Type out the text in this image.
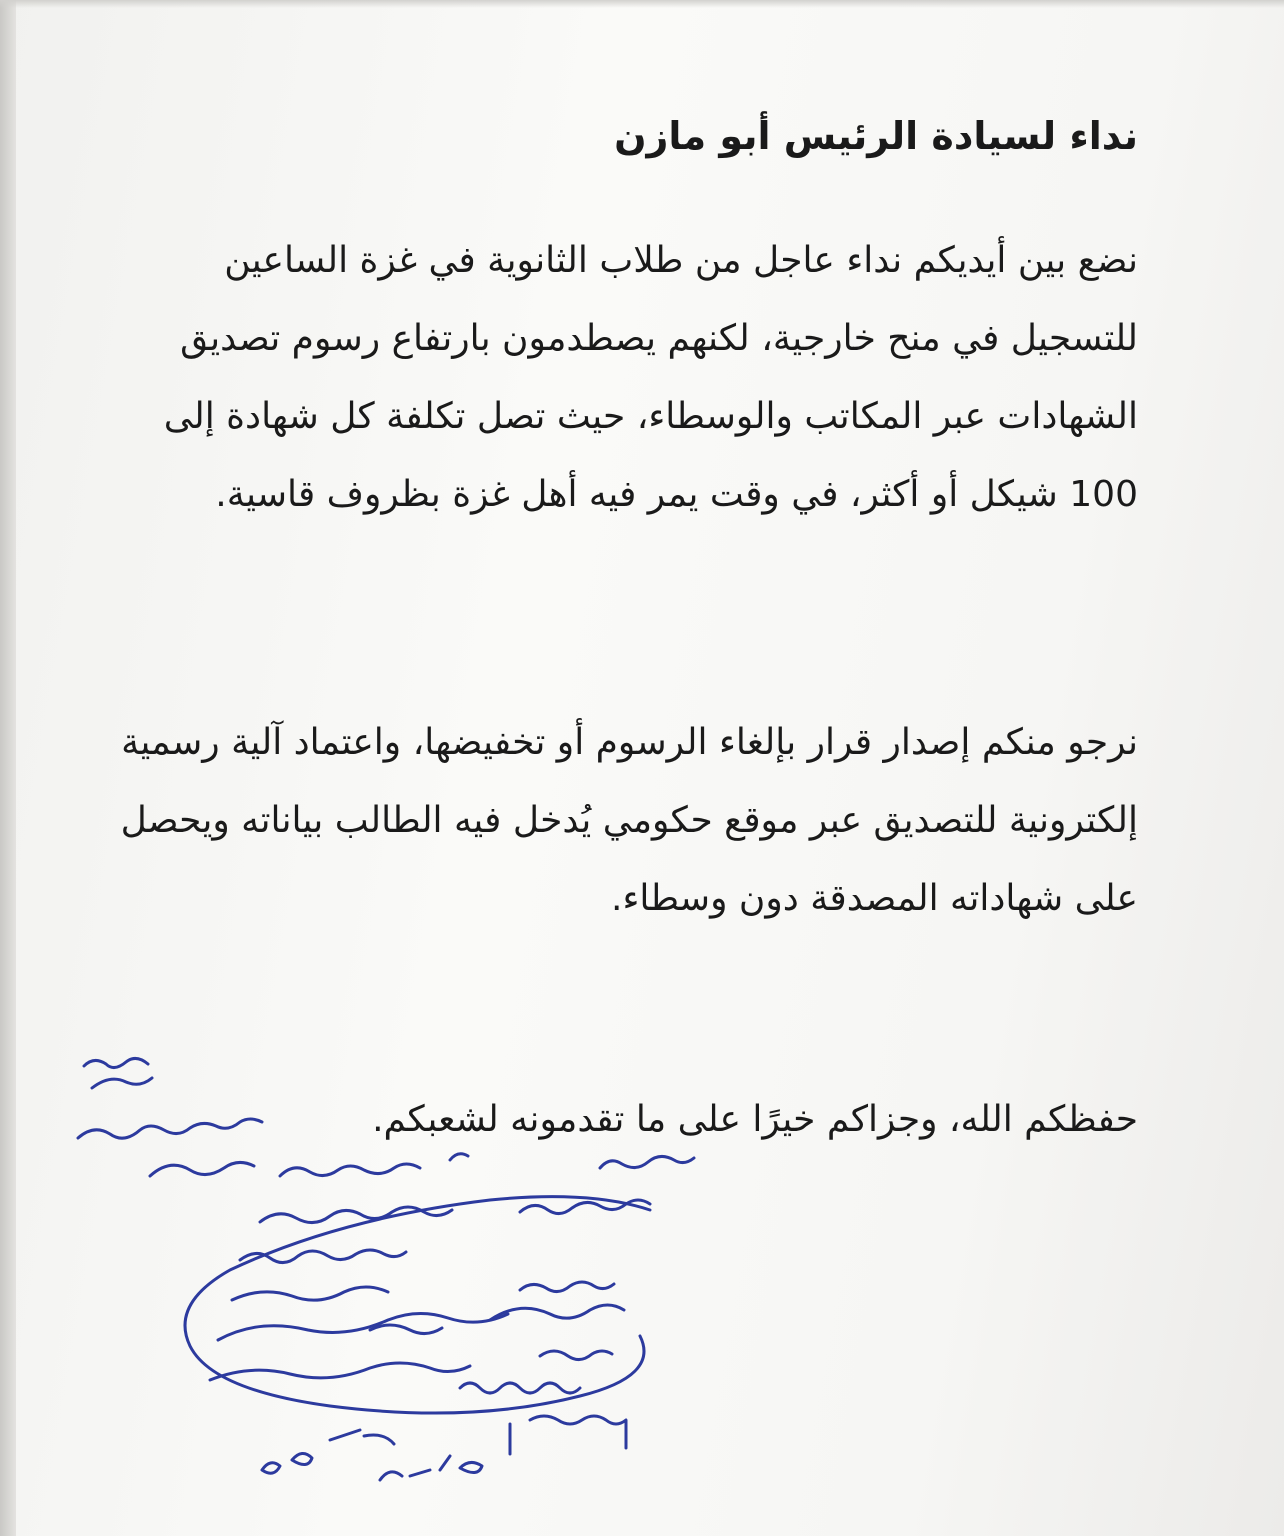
نداء لسيادة الرئيس أبو مازن
نضع بين أيديكم نداء عاجل من طلاب الثانوية في غزة الساعين للتسجيل في منح خارجية، لكنهم يصطدمون بارتفاع رسوم تصديق الشهادات عبر المكاتب والوسطاء، حيث تصل تكلفة كل شهادة إلى 100 شيكل أو أكثر، في وقت يمر فيه أهل غزة بظروف قاسية.
نرجو منكم إصدار قرار بإلغاء الرسوم أو تخفيضها، واعتماد آلية رسمية إلكترونية للتصديق عبر موقع حكومي يُدخل فيه الطالب بياناته ويحصل على شهاداته المصدقة دون وسطاء.
حفظكم الله، وجزاكم خيرًا على ما تقدمونه لشعبكم.
